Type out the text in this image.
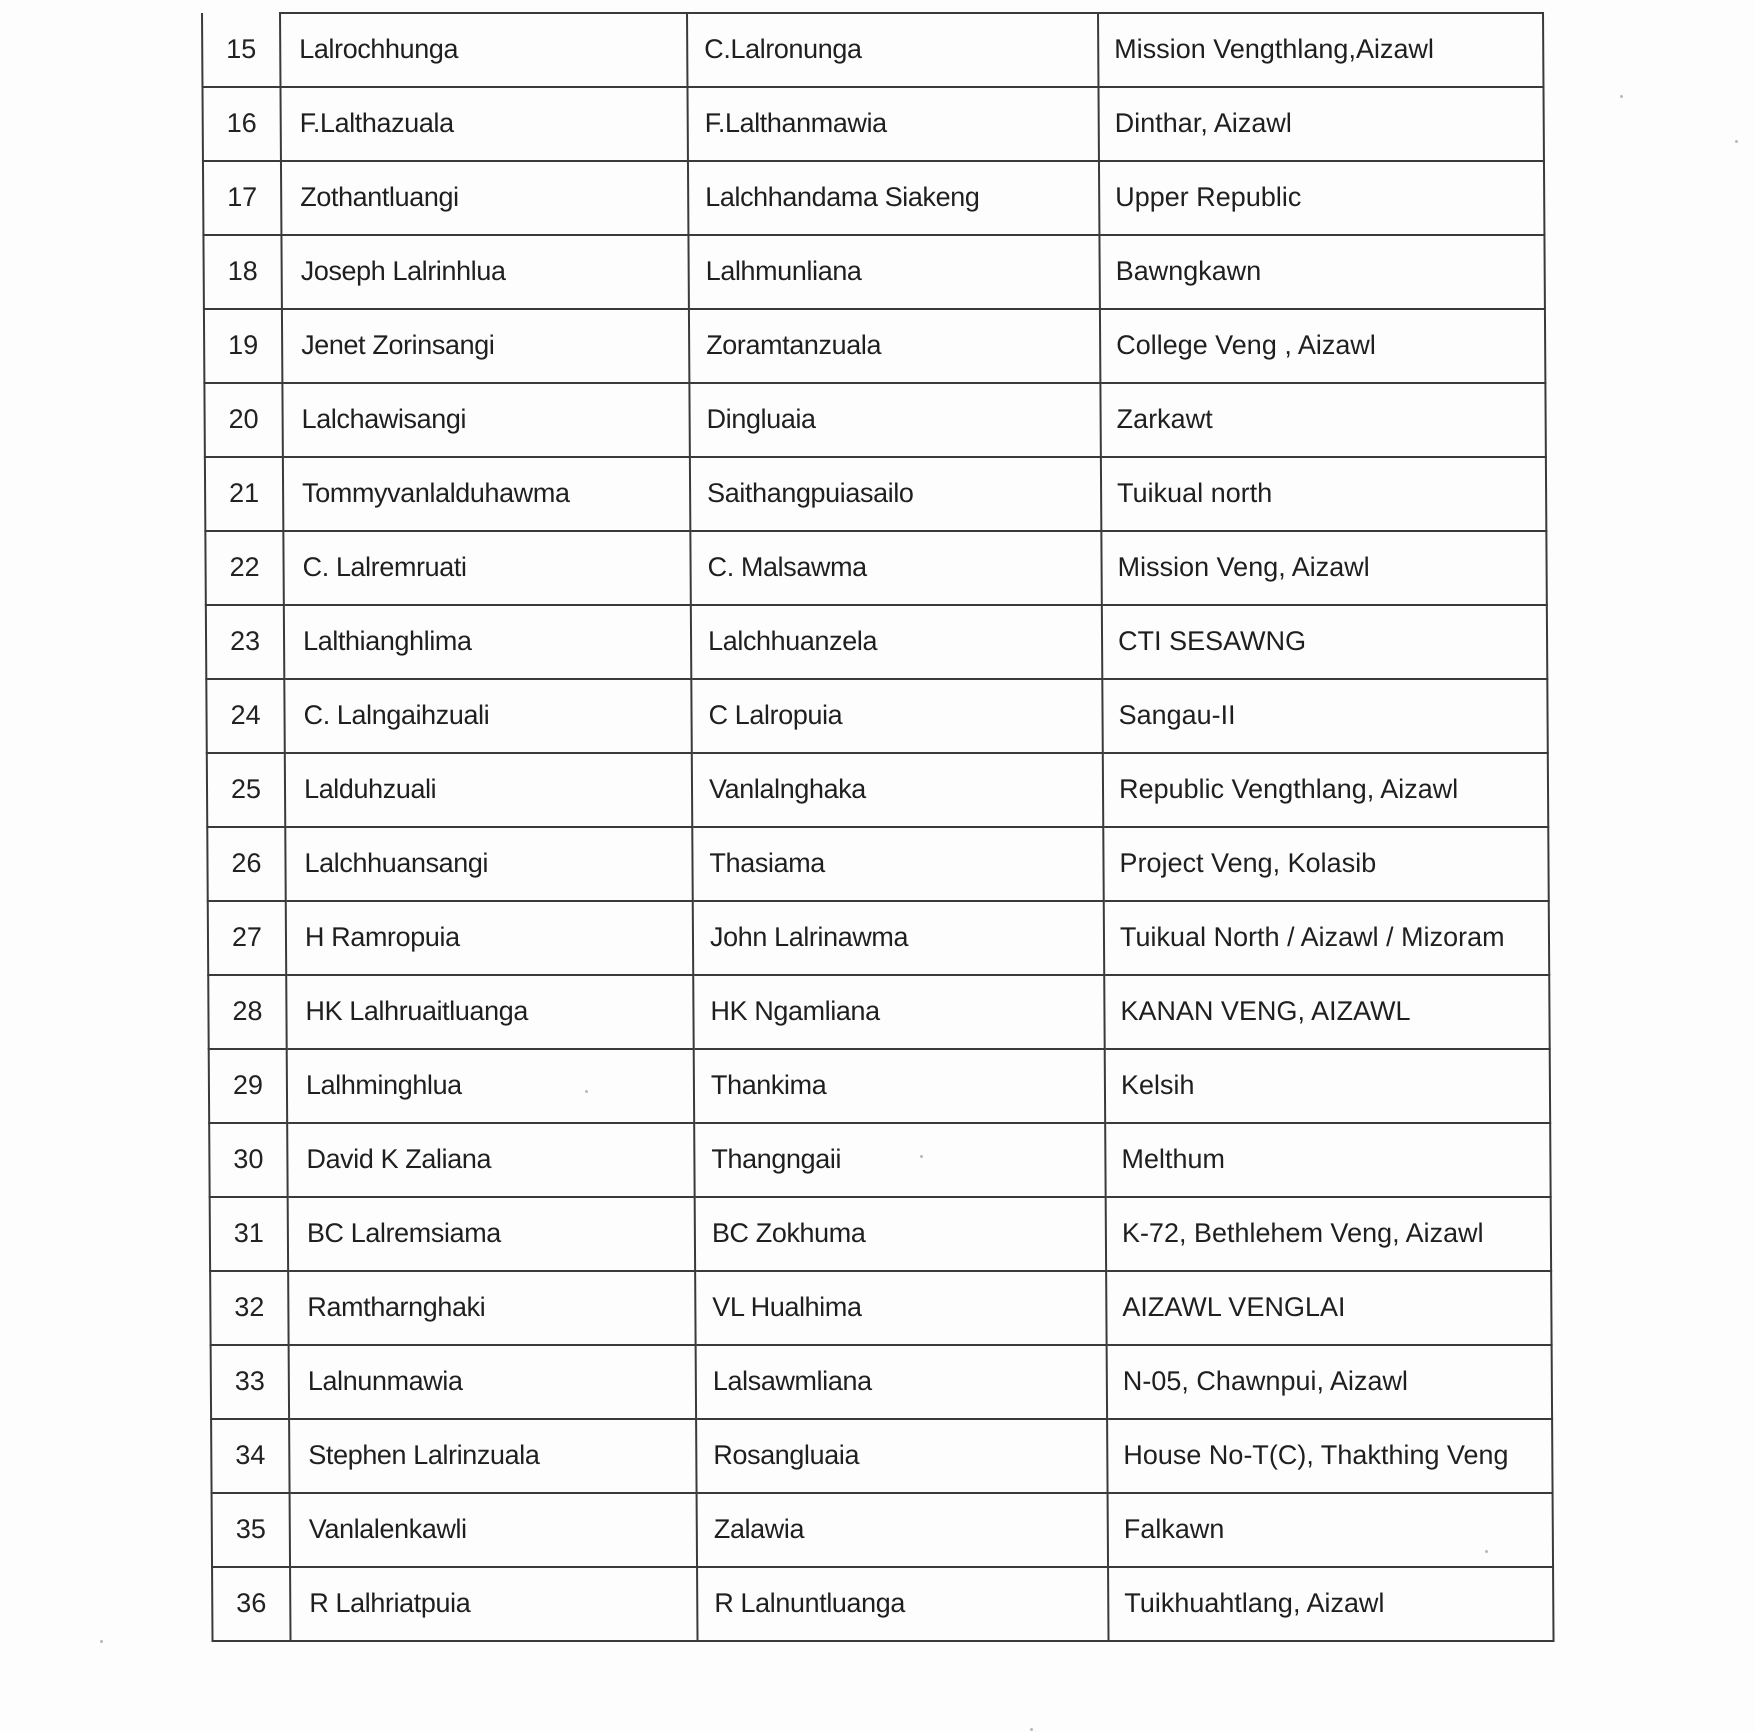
15	Lalrochhunga	C.Lalronunga	Mission Vengthlang,Aizawl
16	F.Lalthazuala	F.Lalthanmawia	Dinthar, Aizawl
17	Zothantluangi	Lalchhandama Siakeng	Upper Republic
18	Joseph Lalrinhlua	Lalhmunliana	Bawngkawn
19	Jenet Zorinsangi	Zoramtanzuala	College Veng , Aizawl
20	Lalchawisangi	Dingluaia	Zarkawt
21	Tommyvanlalduhawma	Saithangpuiasailo	Tuikual north
22	C. Lalremruati	C. Malsawma	Mission Veng, Aizawl
23	Lalthianghlima	Lalchhuanzela	CTI SESAWNG
24	C. Lalngaihzuali	C Lalropuia	Sangau-II
25	Lalduhzuali	Vanlalnghaka	Republic Vengthlang, Aizawl
26	Lalchhuansangi	Thasiama	Project Veng, Kolasib
27	H Ramropuia	John Lalrinawma	Tuikual North / Aizawl / Mizoram
28	HK Lalhruaitluanga	HK Ngamliana	KANAN VENG, AIZAWL
29	Lalhminghlua	Thankima	Kelsih
30	David K Zaliana	Thangngaii	Melthum
31	BC Lalremsiama	BC Zokhuma	K-72, Bethlehem Veng, Aizawl
32	Ramtharnghaki	VL Hualhima	AIZAWL VENGLAI
33	Lalnunmawia	Lalsawmliana	N-05, Chawnpui, Aizawl
34	Stephen Lalrinzuala	Rosangluaia	House No-T(C), Thakthing Veng
35	Vanlalenkawli	Zalawia	Falkawn
36	R Lalhriatpuia	R Lalnuntluanga	Tuikhuahtlang, Aizawl
